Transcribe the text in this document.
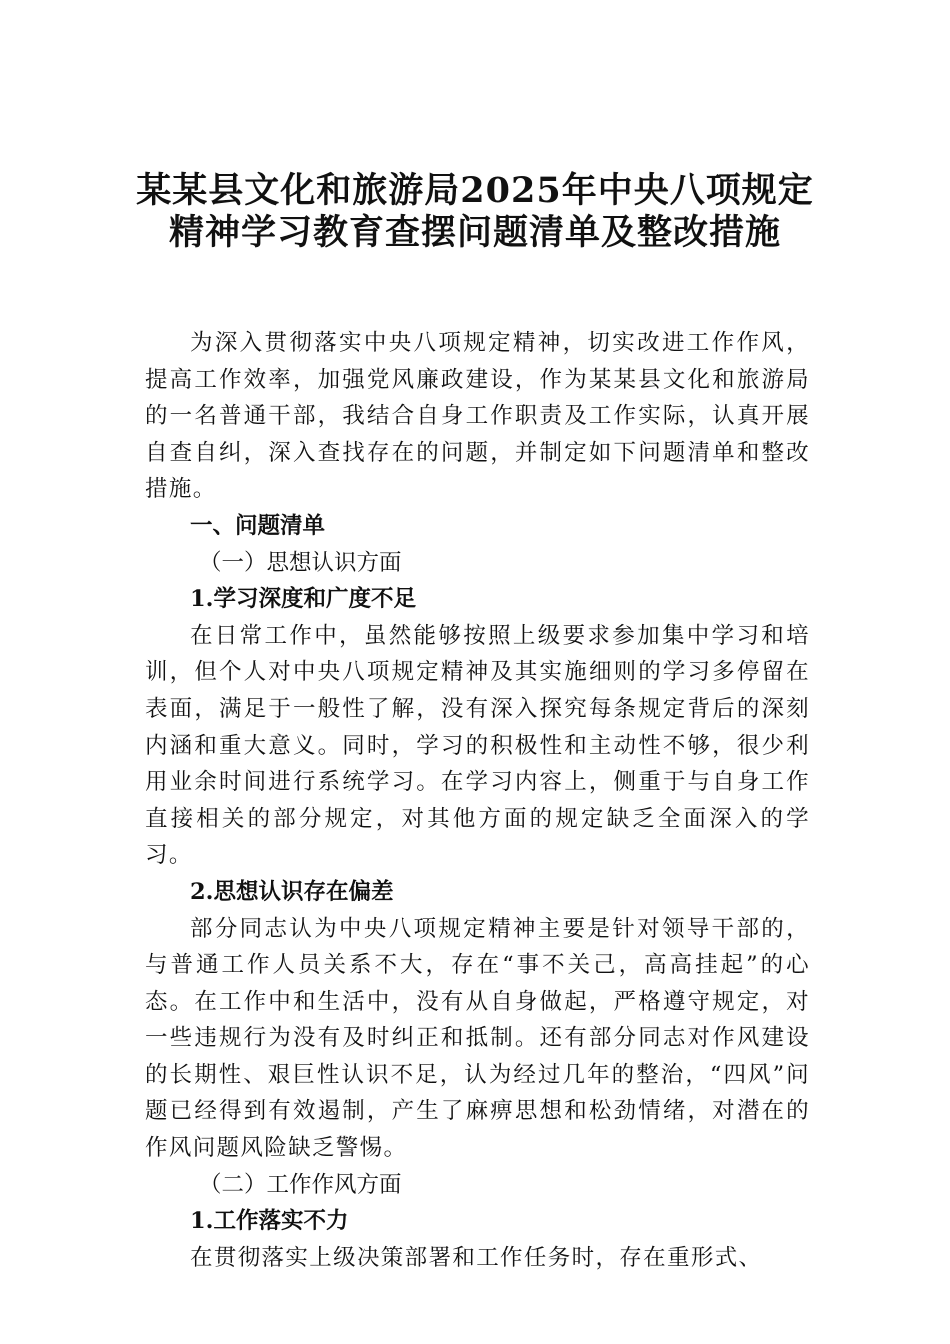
某某县文化和旅游局2025年中央八项规定
精神学习教育查摆问题清单及整改措施

为深入贯彻落实中央八项规定精神，切实改进工作作风，提高工作效率，加强党风廉政建设，作为某某县文化和旅游局的一名普通干部，我结合自身工作职责及工作实际，认真开展自查自纠，深入查找存在的问题，并制定如下问题清单和整改措施。

一、问题清单

（一）思想认识方面

1.学习深度和广度不足

在日常工作中，虽然能够按照上级要求参加集中学习和培训，但个人对中央八项规定精神及其实施细则的学习多停留在表面，满足于一般性了解，没有深入探究每条规定背后的深刻内涵和重大意义。同时，学习的积极性和主动性不够，很少利用业余时间进行系统学习。在学习内容上，侧重于与自身工作直接相关的部分规定，对其他方面的规定缺乏全面深入的学习。

2.思想认识存在偏差

部分同志认为中央八项规定精神主要是针对领导干部的，与普通工作人员关系不大，存在“事不关己，高高挂起”的心态。在工作中和生活中，没有从自身做起，严格遵守规定，对一些违规行为没有及时纠正和抵制。还有部分同志对作风建设的长期性、艰巨性认识不足，认为经过几年的整治，“四风”问题已经得到有效遏制，产生了麻痹思想和松劲情绪，对潜在的作风问题风险缺乏警惕。

（二）工作作风方面

1.工作落实不力

在贯彻落实上级决策部署和工作任务时，存在重形式、
